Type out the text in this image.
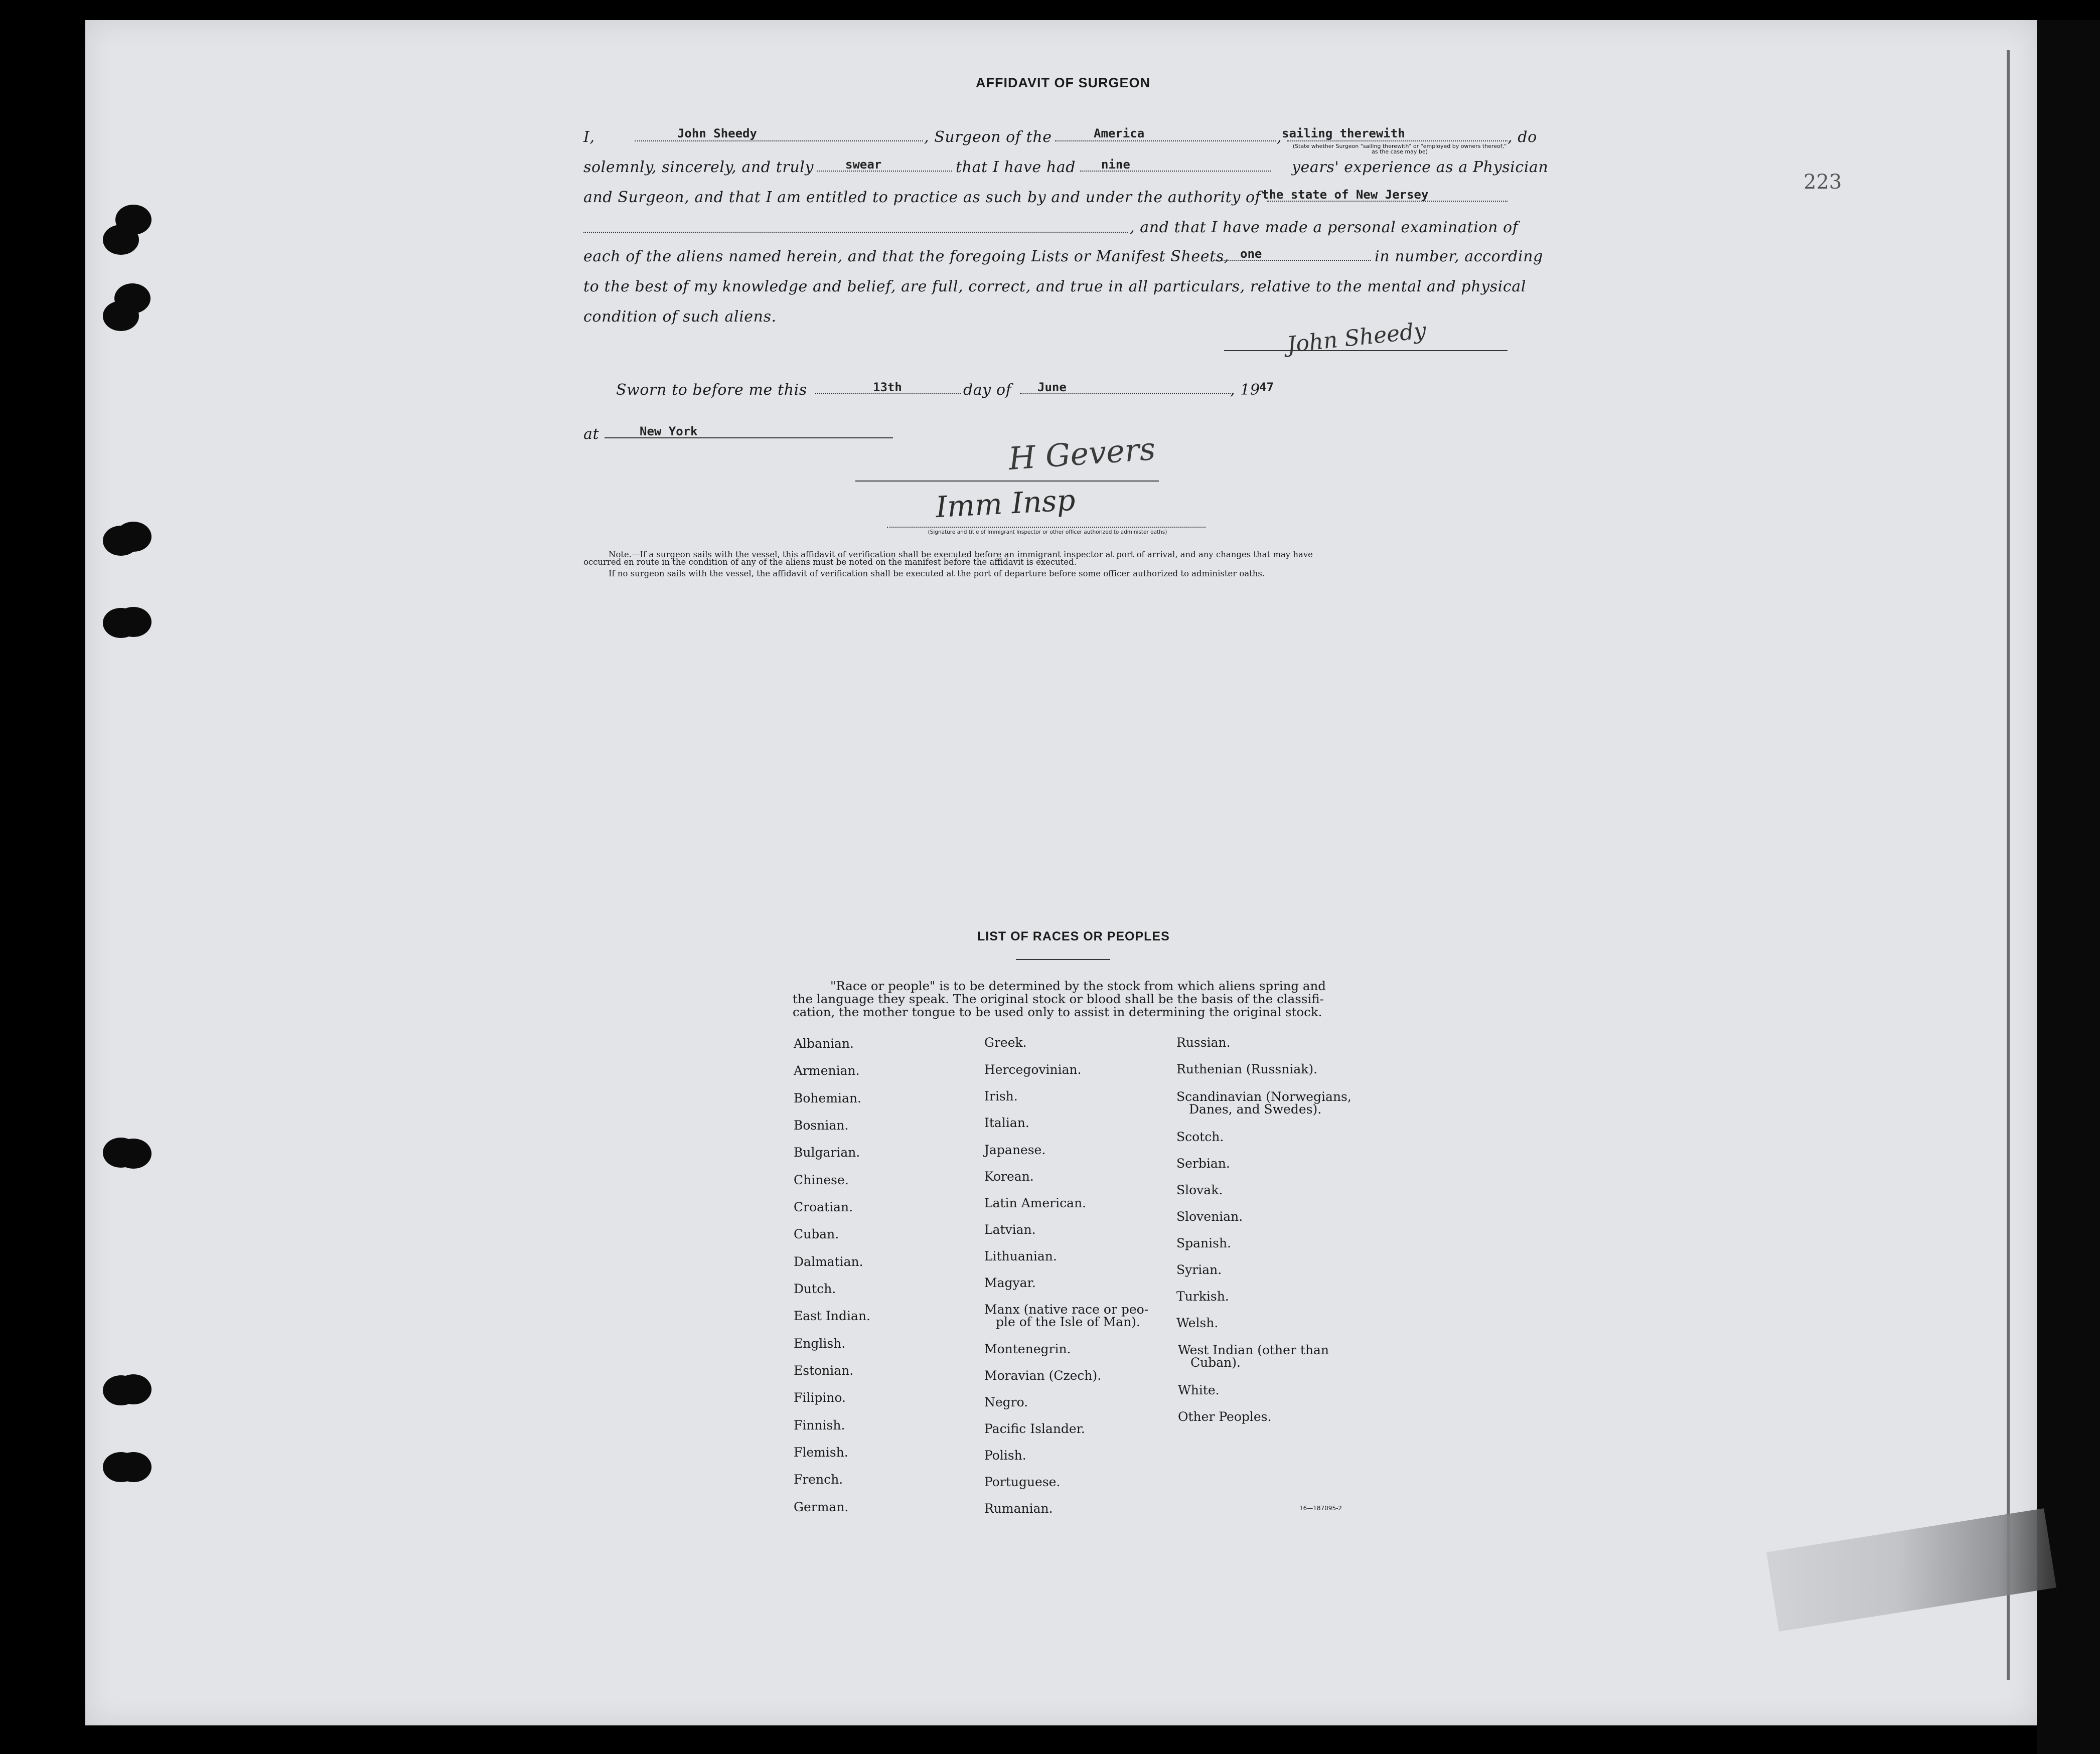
223
AFFIDAVIT OF SURGEON
I,	John Sheedy	, Surgeon of the	America	, sailing therewith	, do
(State whether Surgeon "sailing therewith" or "employed by owners thereof," as the case may be)
solemnly, sincerely, and truly	swear	that I have had nine	years' experience as a Physician
and Surgeon, and that I am entitled to practice as such by and under the authority of the state of New Jersey
, and that I have made a personal examination of
each of the aliens named herein, and that the foregoing Lists or Manifest Sheets, one	in number, according
to the best of my knowledge and belief, are full, correct, and true in all particulars, relative to the mental and physical
condition of such aliens.
John Sheedy
Sworn to before me this	13th	day of June	, 19
47
at	New York	H Gevers
Imm Insp
(Signature and title of Immigrant Inspector or other officer authorized to administer oaths)
Note.—If a surgeon sails with the vessel, this affidavit of verification shall be executed before an immigrant inspector at port of arrival, and any changes that may have
occurred en route in the condition of any of the aliens must be noted on the manifest before the affidavit is executed.
If no surgeon sails with the vessel, the affidavit of verification shall be executed at the port of departure before some officer authorized to administer oaths.
LIST OF RACES OR PEOPLES
"Race or people" is to be determined by the stock from which aliens spring and
the language they speak. The original stock or blood shall be the basis of the classifi-
cation, the mother tongue to be used only to assist in determining the original stock.
Albanian.
Armenian.
Bohemian.
Bosnian.
Bulgarian.
Chinese.
Croatian.
Cuban.
Dalmatian.
Dutch.
East Indian.
English.
Estonian.
Filipino.
Finnish.
Flemish.
French.
German.
Greek.
Hercegovinian.
Irish.
Italian.
Japanese.
Korean.
Latin American.
Latvian.
Lithuanian.
Magyar.
Manx (native race or peo-
ple of the Isle of Man).
Montenegrin.
Moravian (Czech).
Negro.
Pacific Islander.
Polish.
Portuguese.
Rumanian.
Russian.
Ruthenian (Russniak).
Scandinavian (Norwegians,
Danes, and Swedes).
Scotch.
Serbian.
Slovak.
Slovenian.
Spanish.
Syrian.
Turkish.
Welsh.
West Indian (other than
Cuban).
White.
Other Peoples.
16—187095-2
